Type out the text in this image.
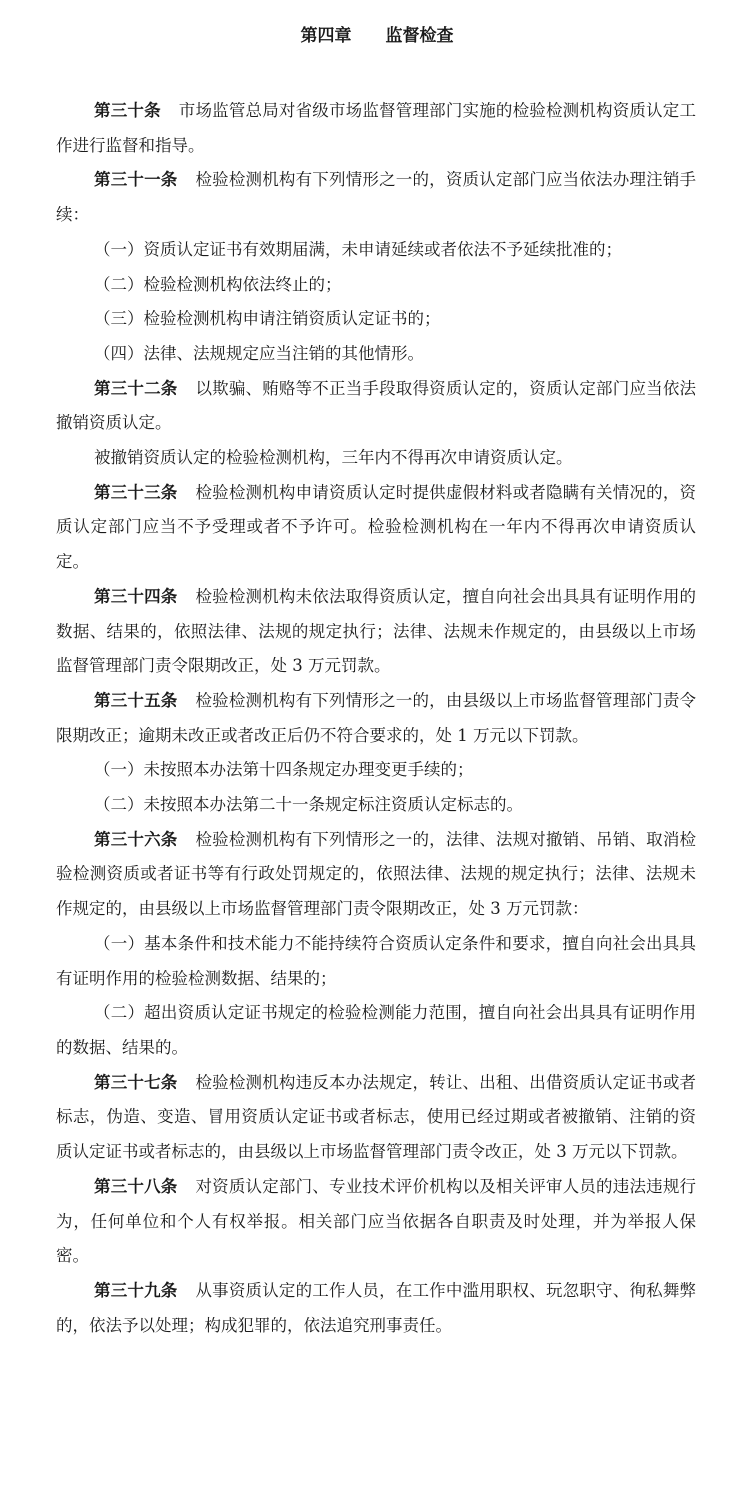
第四章　　监督检查

第三十条 市场监管总局对省级市场监督管理部门实施的检验检测机构资质认定工作进行监督和指导。

第三十一条 检验检测机构有下列情形之一的，资质认定部门应当依法办理注销手续：

（一）资质认定证书有效期届满，未申请延续或者依法不予延续批准的；

（二）检验检测机构依法终止的；

（三）检验检测机构申请注销资质认定证书的；

（四）法律、法规规定应当注销的其他情形。

第三十二条 以欺骗、贿赂等不正当手段取得资质认定的，资质认定部门应当依法撤销资质认定。

被撤销资质认定的检验检测机构，三年内不得再次申请资质认定。

第三十三条 检验检测机构申请资质认定时提供虚假材料或者隐瞒有关情况的，资质认定部门应当不予受理或者不予许可。检验检测机构在一年内不得再次申请资质认定。

第三十四条 检验检测机构未依法取得资质认定，擅自向社会出具具有证明作用的数据、结果的，依照法律、法规的规定执行；法律、法规未作规定的，由县级以上市场监督管理部门责令限期改正，处 3 万元罚款。

第三十五条 检验检测机构有下列情形之一的，由县级以上市场监督管理部门责令限期改正；逾期未改正或者改正后仍不符合要求的，处 1 万元以下罚款。

（一）未按照本办法第十四条规定办理变更手续的；

（二）未按照本办法第二十一条规定标注资质认定标志的。

第三十六条 检验检测机构有下列情形之一的，法律、法规对撤销、吊销、取消检验检测资质或者证书等有行政处罚规定的，依照法律、法规的规定执行；法律、法规未作规定的，由县级以上市场监督管理部门责令限期改正，处 3 万元罚款：

（一）基本条件和技术能力不能持续符合资质认定条件和要求，擅自向社会出具具有证明作用的检验检测数据、结果的；

（二）超出资质认定证书规定的检验检测能力范围，擅自向社会出具具有证明作用的数据、结果的。

第三十七条 检验检测机构违反本办法规定，转让、出租、出借资质认定证书或者标志，伪造、变造、冒用资质认定证书或者标志，使用已经过期或者被撤销、注销的资质认定证书或者标志的，由县级以上市场监督管理部门责令改正，处 3 万元以下罚款。

第三十八条 对资质认定部门、专业技术评价机构以及相关评审人员的违法违规行为，任何单位和个人有权举报。相关部门应当依据各自职责及时处理，并为举报人保密。

第三十九条 从事资质认定的工作人员，在工作中滥用职权、玩忽职守、徇私舞弊的，依法予以处理；构成犯罪的，依法追究刑事责任。
